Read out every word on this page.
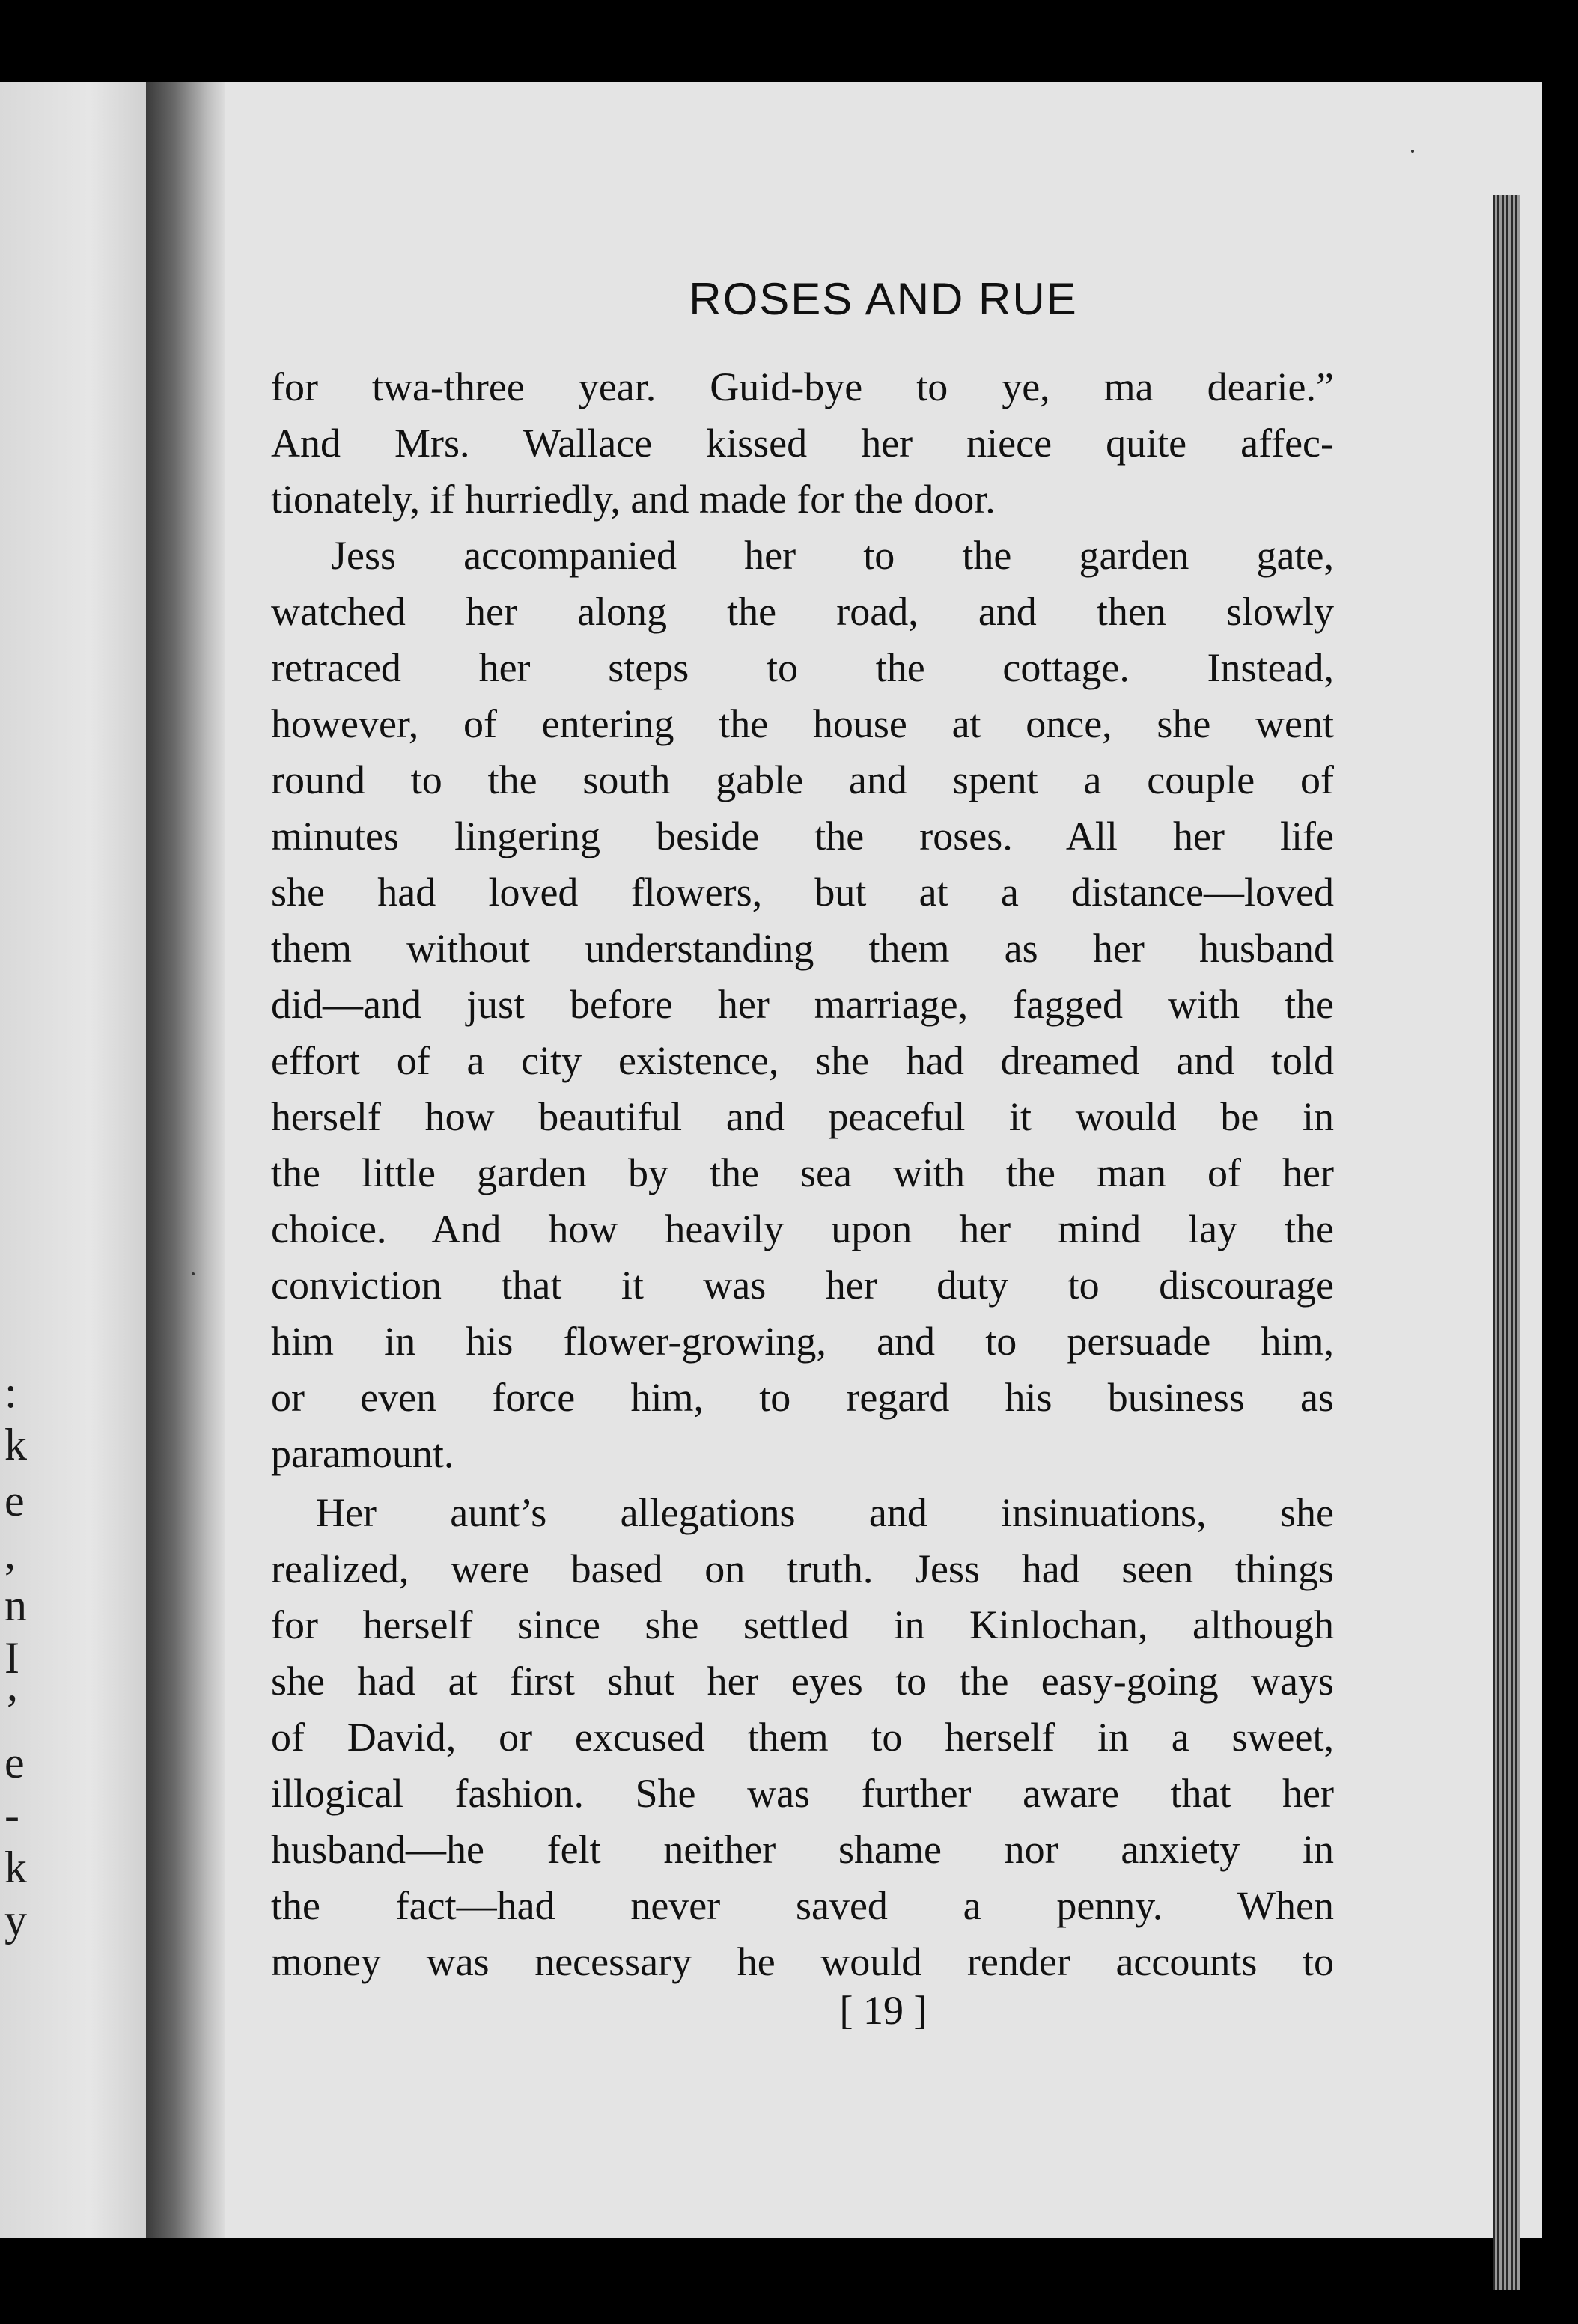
:
k
e
,
n
I
’
e
-
k
y
ROSES AND RUE
for twa-three year. Guid-bye to ye, ma dearie.”
And Mrs. Wallace kissed her niece quite affec-
tionately, if hurriedly, and made for the door.
Jess accompanied her to the garden gate,
watched her along the road, and then slowly
retraced her steps to the cottage. Instead,
however, of entering the house at once, she went
round to the south gable and spent a couple of
minutes lingering beside the roses. All her life
she had loved flowers, but at a distance—loved
them without understanding them as her husband
did—and just before her marriage, fagged with the
effort of a city existence, she had dreamed and told
herself how beautiful and peaceful it would be in
the little garden by the sea with the man of her
choice. And how heavily upon her mind lay the
conviction that it was her duty to discourage
him in his flower-growing, and to persuade him,
or even force him, to regard his business as
paramount.
Her aunt’s allegations and insinuations, she
realized, were based on truth. Jess had seen things
for herself since she settled in Kinlochan, although
she had at first shut her eyes to the easy-going ways
of David, or excused them to herself in a sweet,
illogical fashion. She was further aware that her
husband—he felt neither shame nor anxiety in
the fact—had never saved a penny. When
money was necessary he would render accounts to
[ 19 ]
